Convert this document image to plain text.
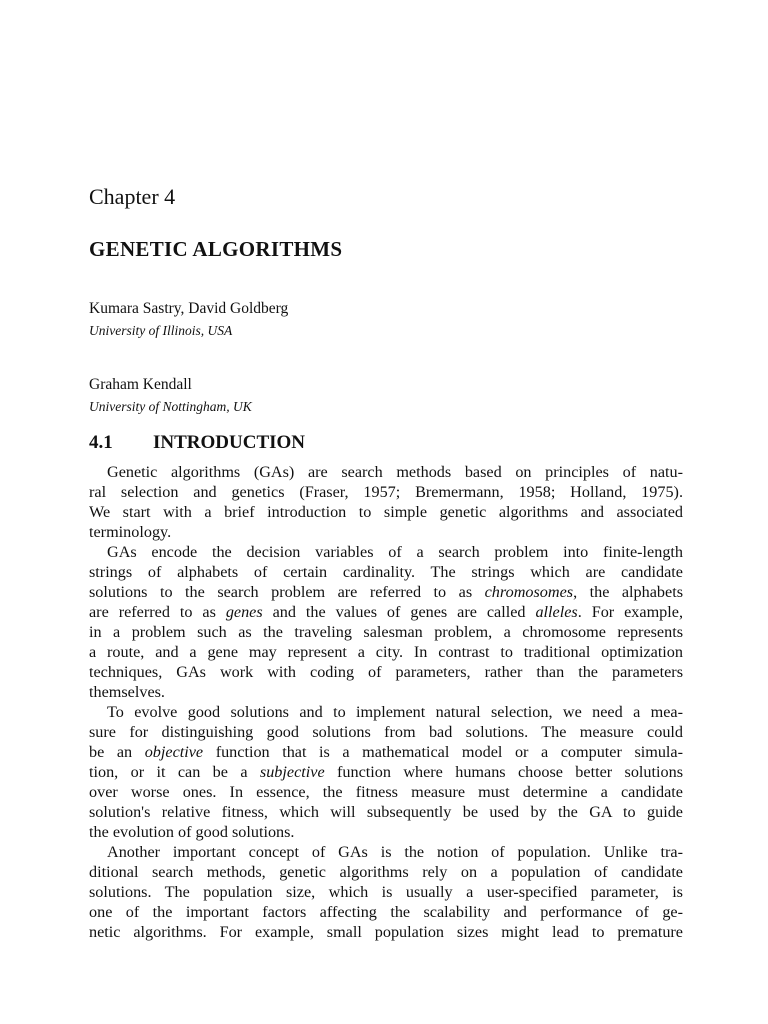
Chapter 4
GENETIC ALGORITHMS
Kumara Sastry, David Goldberg
University of Illinois, USA
Graham Kendall
University of Nottingham, UK
4.1 INTRODUCTION
Genetic algorithms (GAs) are search methods based on principles of natu-
ral selection and genetics (Fraser, 1957; Bremermann, 1958; Holland, 1975).
We start with a brief introduction to simple genetic algorithms and associated
terminology.
GAs encode the decision variables of a search problem into finite-length
strings of alphabets of certain cardinality. The strings which are candidate
solutions to the search problem are referred to as chromosomes, the alphabets
are referred to as genes and the values of genes are called alleles. For example,
in a problem such as the traveling salesman problem, a chromosome represents
a route, and a gene may represent a city. In contrast to traditional optimization
techniques, GAs work with coding of parameters, rather than the parameters
themselves.
To evolve good solutions and to implement natural selection, we need a mea-
sure for distinguishing good solutions from bad solutions. The measure could
be an objective function that is a mathematical model or a computer simula-
tion, or it can be a subjective function where humans choose better solutions
over worse ones. In essence, the fitness measure must determine a candidate
solution's relative fitness, which will subsequently be used by the GA to guide
the evolution of good solutions.
Another important concept of GAs is the notion of population. Unlike tra-
ditional search methods, genetic algorithms rely on a population of candidate
solutions. The population size, which is usually a user-specified parameter, is
one of the important factors affecting the scalability and performance of ge-
netic algorithms. For example, small population sizes might lead to premature
